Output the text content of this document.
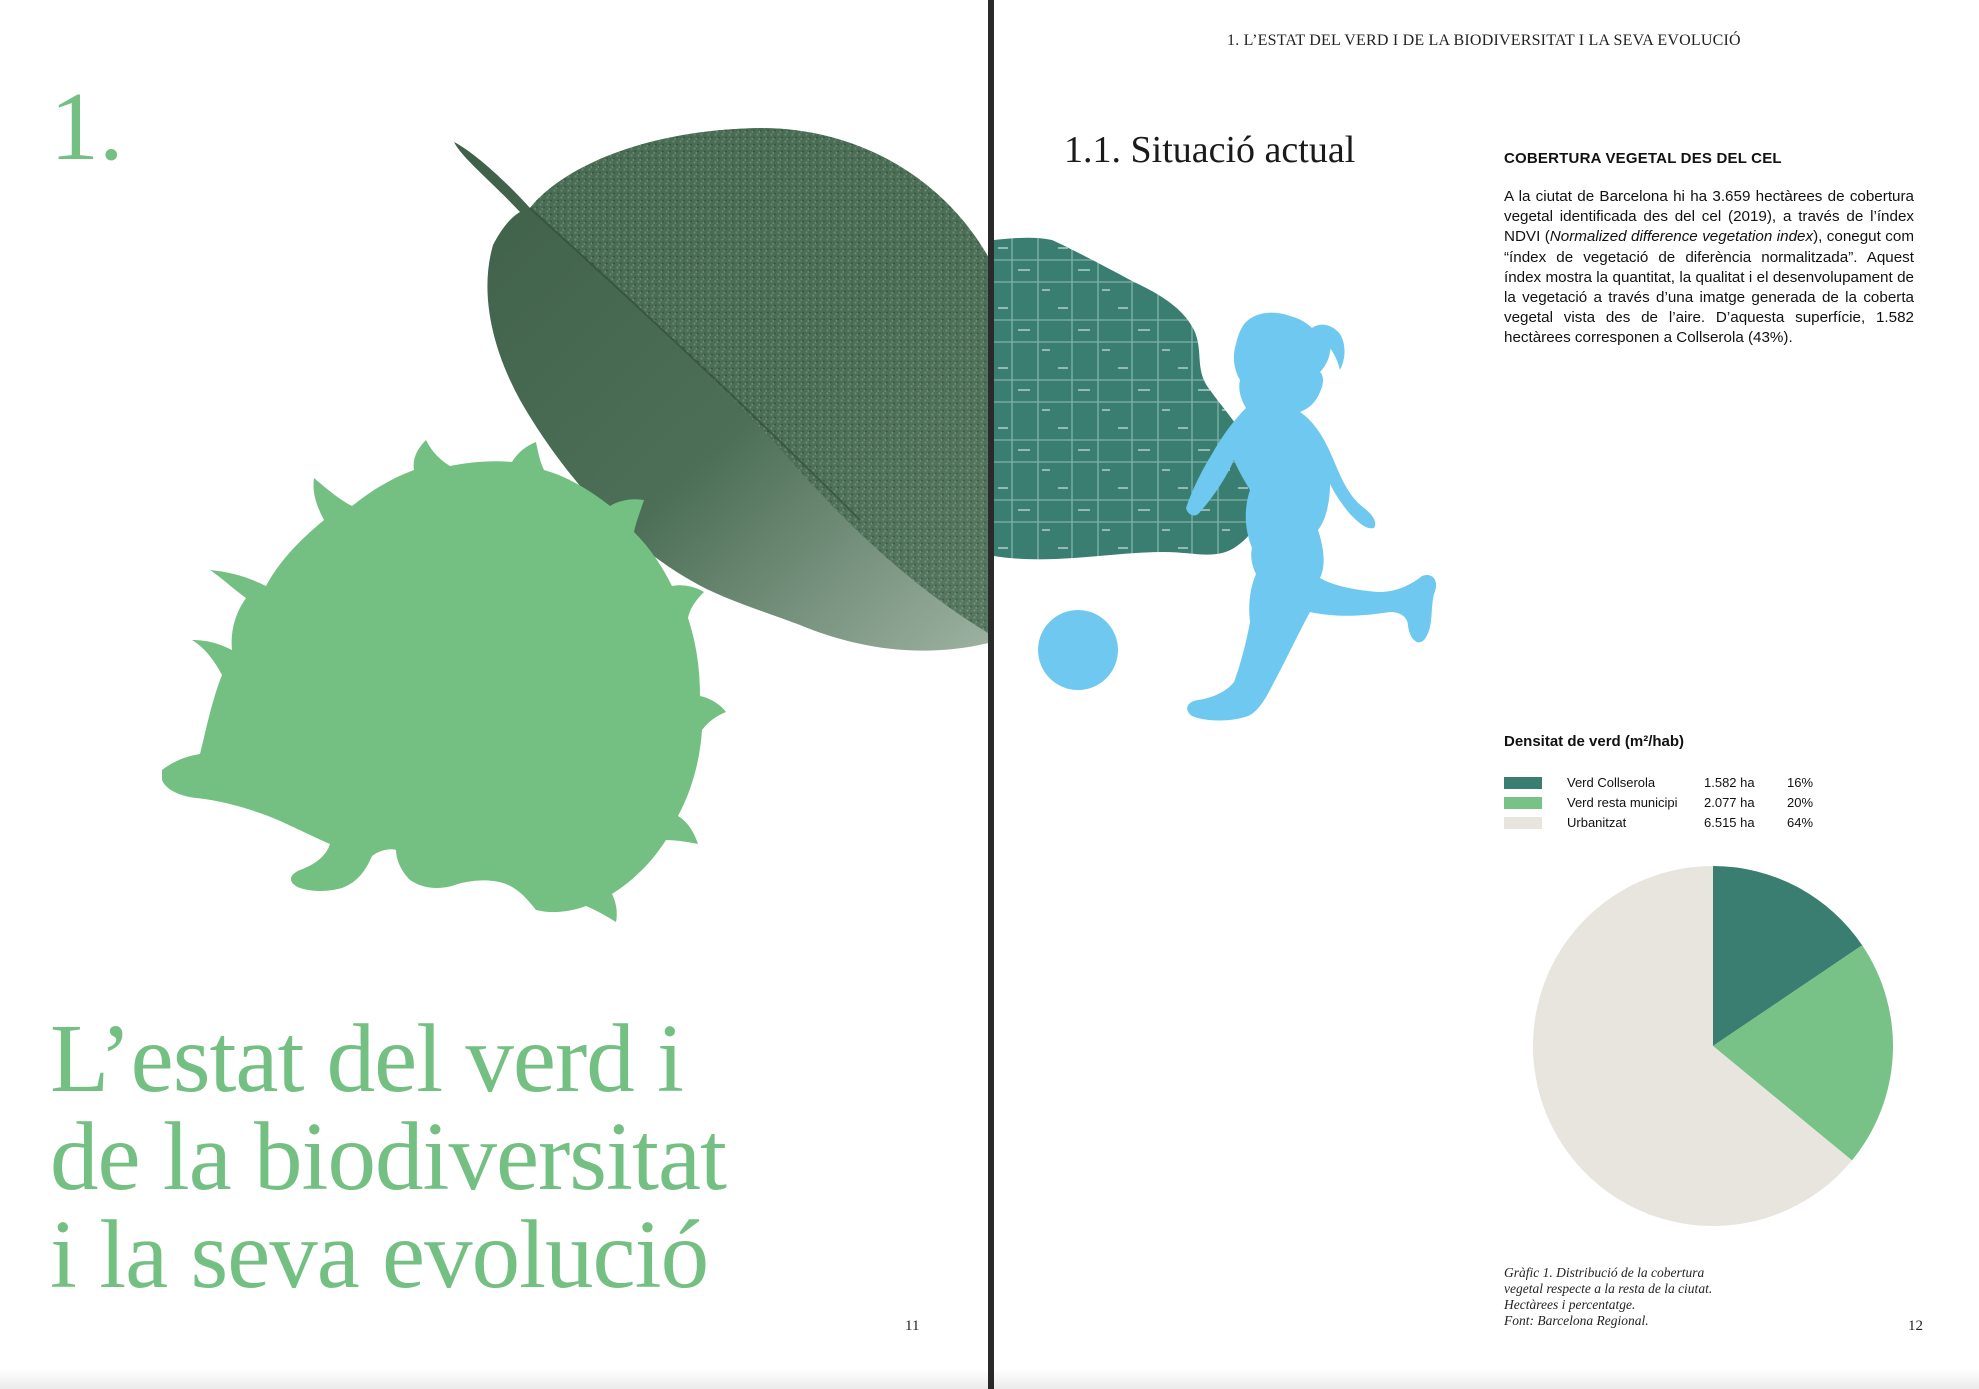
1.
L’estat del verd i
de la biodiversitat
i la seva evolució
11
1. L’ESTAT DEL VERD I DE LA BIODIVERSITAT I LA SEVA EVOLUCIÓ
1.1. Situació actual	COBERTURA VEGETAL DES DEL CEL

A la ciutat de Barcelona hi ha 3.659 hectàrees de cobertura vegetal identificada des del cel (2019), a través de l’índex NDVI (Normalized difference vegetation index), conegut com “índex de vegetació de diferència normalitzada”. Aquest índex mostra la quantitat, la qualitat i el desenvolupament de la vegetació a través d’una imatge generada de la coberta vegetal vista des de l’aire. D’aquesta superfície, 1.582 hectàrees corresponen a Collserola (43%).

Densitat de verd (m²/hab)
Verd Collserola	1.582 ha 16%
Verd resta municipi 2.077 ha 20%
Urbanitzat	6.515 ha 64%
Gràfic 1. Distribució de la cobertura
vegetal respecte a la resta de la ciutat.
Hectàrees i percentatge.
Font: Barcelona Regional.	12
